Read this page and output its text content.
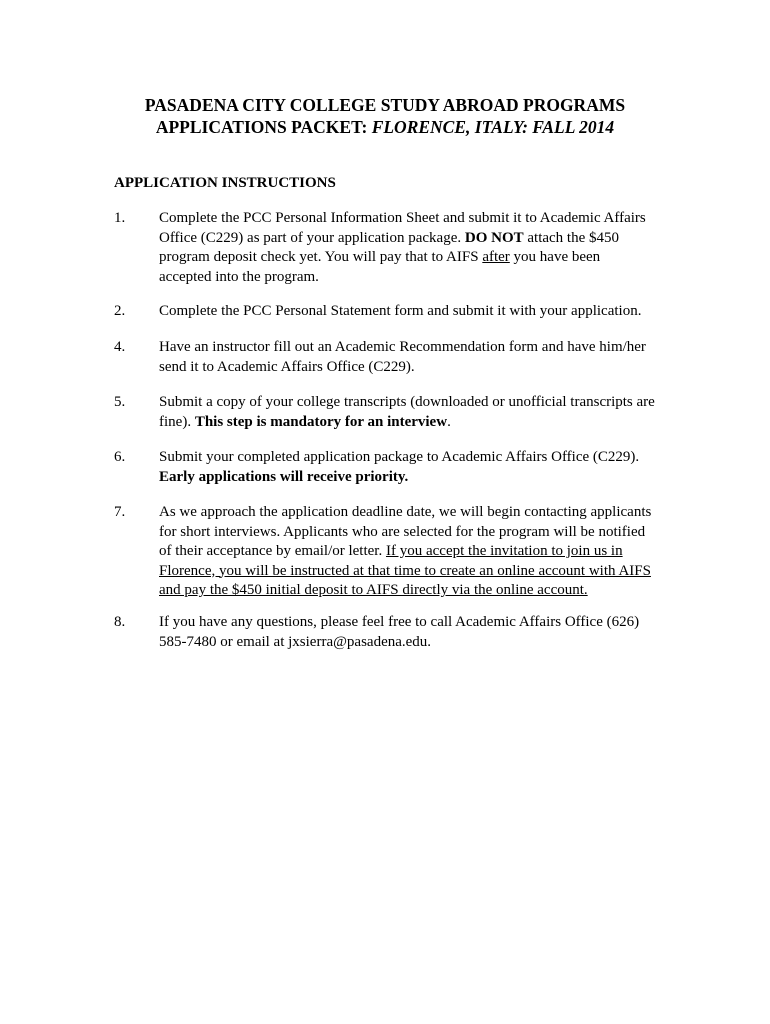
PASADENA CITY COLLEGE STUDY ABROAD PROGRAMS
APPLICATIONS PACKET: FLORENCE, ITALY: FALL 2014
APPLICATION INSTRUCTIONS
1.	Complete the PCC Personal Information Sheet and submit it to Academic Affairs
Office (C229) as part of your application package. DO NOT attach the $450
program deposit check yet. You will pay that to AIFS after you have been
accepted into the program.
2.	Complete the PCC Personal Statement form and submit it with your application.
4.	Have an instructor fill out an Academic Recommendation form and have him/her
send it to Academic Affairs Office (C229).
5.	Submit a copy of your college transcripts (downloaded or unofficial transcripts are
fine). This step is mandatory for an interview.
6.	Submit your completed application package to Academic Affairs Office (C229).
Early applications will receive priority.
7.	As we approach the application deadline date, we will begin contacting applicants
for short interviews. Applicants who are selected for the program will be notified
of their acceptance by email/or letter. If you accept the invitation to join us in
Florence, you will be instructed at that time to create an online account with AIFS
and pay the $450 initial deposit to AIFS directly via the online account.
8.	If you have any questions, please feel free to call Academic Affairs Office (626)
585-7480 or email at jxsierra@pasadena.edu.
